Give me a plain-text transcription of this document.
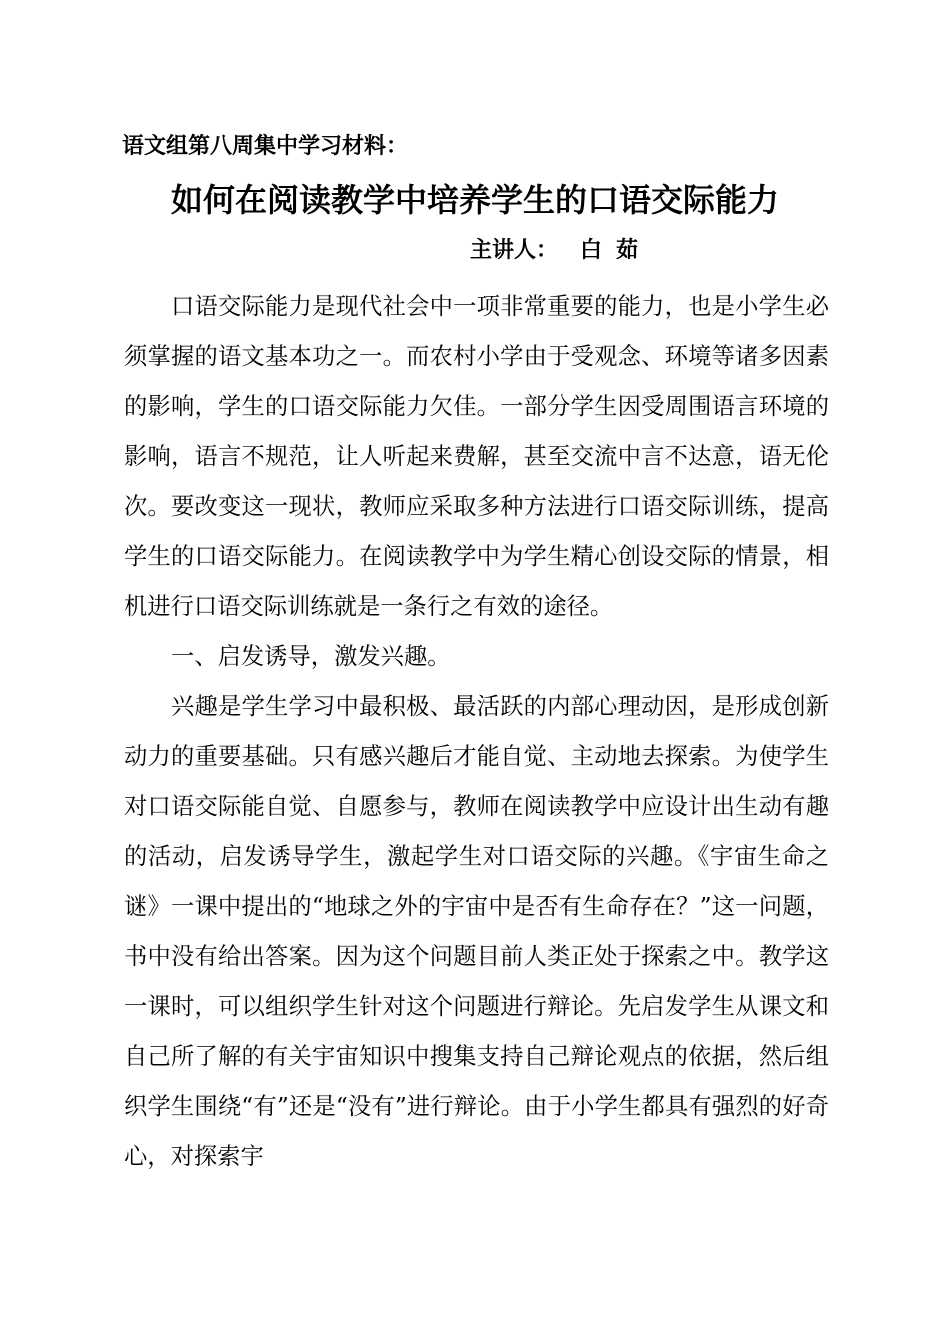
语文组第八周集中学习材料：
如何在阅读教学中培养学生的口语交际能力
主讲人： 白茹

口语交际能力是现代社会中一项非常重要的能力，也是小学生必须掌握的语文基本功之一。而农村小学由于受观念、环境等诸多因素的影响，学生的口语交际能力欠佳。一部分学生因受周围语言环境的影响，语言不规范，让人听起来费解，甚至交流中言不达意，语无伦次。要改变这一现状，教师应采取多种方法进行口语交际训练，提高学生的口语交际能力。在阅读教学中为学生精心创设交际的情景，相机进行口语交际训练就是一条行之有效的途径。

一、启发诱导，激发兴趣。

兴趣是学生学习中最积极、最活跃的内部心理动因，是形成创新动力的重要基础。只有感兴趣后才能自觉、主动地去探索。为使学生对口语交际能自觉、自愿参与，教师在阅读教学中应设计出生动有趣的活动，启发诱导学生，激起学生对口语交际的兴趣。《宇宙生命之谜》一课中提出的“地球之外的宇宙中是否有生命存在？”这一问题，书中没有给出答案。因为这个问题目前人类正处于探索之中。教学这一课时，可以组织学生针对这个问题进行辩论。先启发学生从课文和自己所了解的有关宇宙知识中搜集支持自己辩论观点的依据，然后组织学生围绕“有”还是“没有”进行辩论。由于小学生都具有强烈的好奇心，对探索宇
